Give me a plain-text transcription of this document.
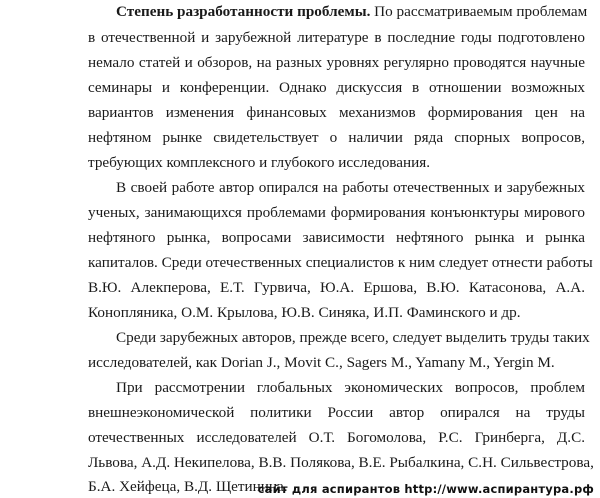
Степень разработанности проблемы. По рассматриваемым проблемам
в отечественной и зарубежной литературе в последние годы подготовлено
немало статей и обзоров, на разных уровнях регулярно проводятся научные
семинары и конференции. Однако дискуссия в отношении возможных
вариантов изменения финансовых механизмов формирования цен на
нефтяном рынке свидетельствует о наличии ряда спорных вопросов,
требующих комплексного и глубокого исследования.
В своей работе автор опирался на работы отечественных и зарубежных
ученых, занимающихся проблемами формирования конъюнктуры мирового
нефтяного рынка, вопросами зависимости нефтяного рынка и рынка
капиталов. Среди отечественных специалистов к ним следует отнести работы
В.Ю. Алекперова, Е.Т. Гурвича, Ю.А. Ершова, В.Ю. Катасонова, А.А.
Конопляника, О.М. Крылова, Ю.В. Синяка, И.П. Фаминского и др.
Среди зарубежных авторов, прежде всего, следует выделить труды таких
исследователей, как Dorian J., Movit C., Sagers M., Yamany M., Yergin M.
При рассмотрении глобальных экономических вопросов, проблем
внешнеэкономической политики России автор опирался на труды
отечественных исследователей О.Т. Богомолова, Р.С. Гринберга, Д.С.
Львова, А.Д. Некипелова, В.В. Полякова, В.Е. Рыбалкина, С.Н. Сильвестрова,
Б.А. Хейфеца, В.Д. Щетинина.
сайт для аспирантов http://www.аспирантура.рф
